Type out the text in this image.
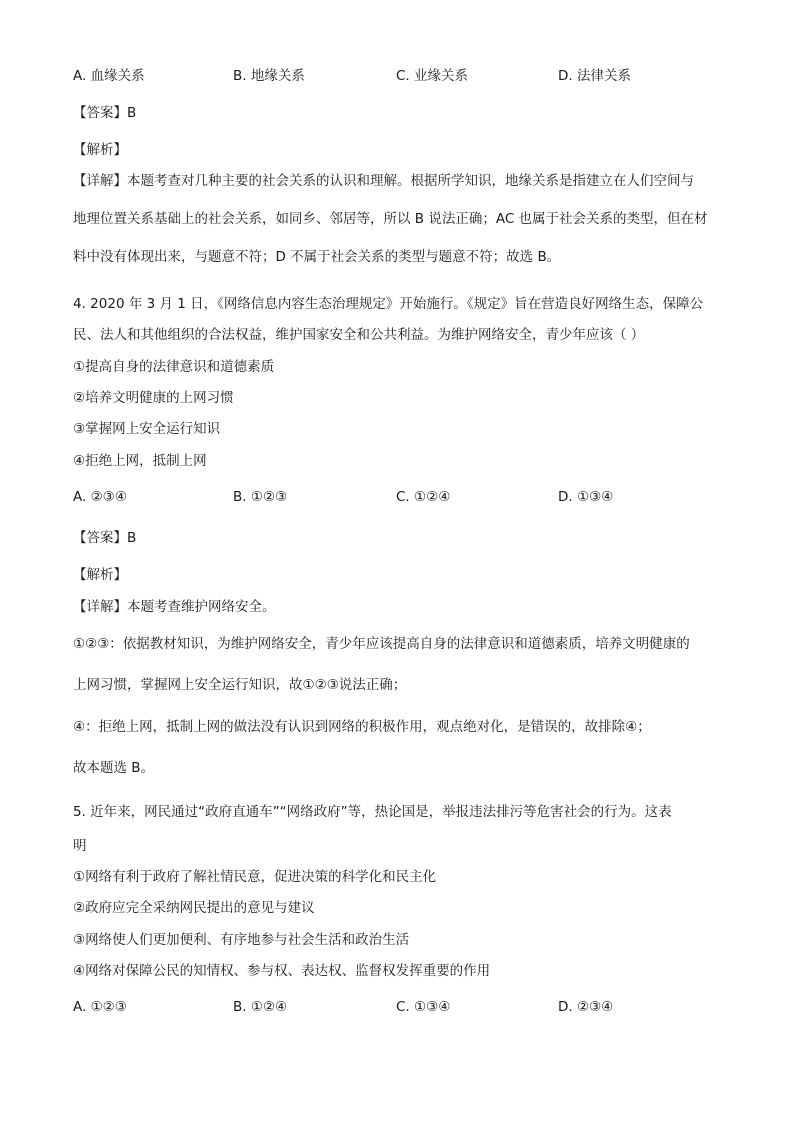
A. 血缘关系	B. 地缘关系	C. 业缘关系	D. 法律关系
【答案】B
【解析】
【详解】本题考查对几种主要的社会关系的认识和理解。根据所学知识，地缘关系是指建立在人们空间与
地理位置关系基础上的社会关系，如同乡、邻居等，所以 B 说法正确；AC 也属于社会关系的类型，但在材
料中没有体现出来，与题意不符；D 不属于社会关系的类型与题意不符；故选 B。
4. 2020 年 3 月 1 日，《网络信息内容生态治理规定》开始施行。《规定》旨在营造良好网络生态，保障公
民、法人和其他组织的合法权益，维护国家安全和公共利益。为维护网络安全，青少年应该（ ）
①提高自身的法律意识和道德素质
②培养文明健康的上网习惯
③掌握网上安全运行知识
④拒绝上网，抵制上网
A. ②③④	B. ①②③	C. ①②④	D. ①③④
【答案】B
【解析】
【详解】本题考查维护网络安全。
①②③：依据教材知识，为维护网络安全，青少年应该提高自身的法律意识和道德素质，培养文明健康的
上网习惯，掌握网上安全运行知识，故①②③说法正确；
④：拒绝上网，抵制上网的做法没有认识到网络的积极作用，观点绝对化，是错误的，故排除④；
故本题选 B。
5. 近年来，网民通过“政府直通车”“网络政府”等，热论国是，举报违法排污等危害社会的行为。这表
明
①网络有利于政府了解社情民意，促进决策的科学化和民主化
②政府应完全采纳网民提出的意见与建议
③网络使人们更加便利、有序地参与社会生活和政治生活
④网络对保障公民的知情权、参与权、表达权、监督权发挥重要的作用
A. ①②③	B. ①②④	C. ①③④	D. ②③④
